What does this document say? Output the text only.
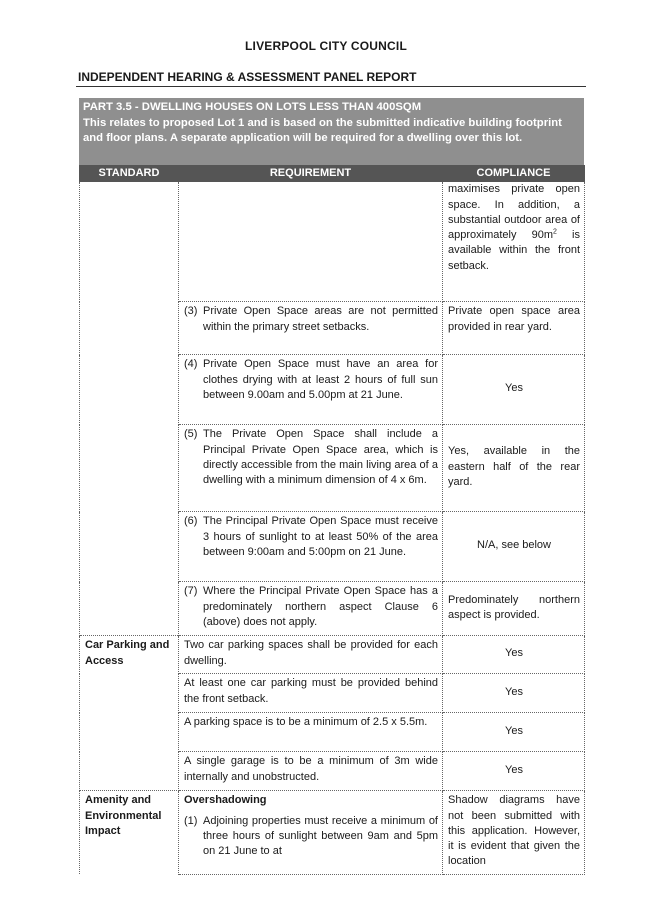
LIVERPOOL CITY COUNCIL
INDEPENDENT HEARING & ASSESSMENT PANEL REPORT
PART 3.5 - DWELLING HOUSES ON LOTS LESS THAN 400SQM
This relates to proposed Lot 1 and is based on the submitted indicative building footprint and floor plans. A separate application will be required for a dwelling over this lot.
STANDARD	REQUIREMENT	COMPLIANCE
		maximises private open space. In addition, a substantial outdoor area of approximately $90m^2$ is available within the front setback.

	(3) Private Open Space areas are not permitted within the primary street setbacks.	Private open space area provided in rear yard.

	(4) Private Open Space must have an area for clothes drying with at least 2 hours of full sun between 9.00am and 5.00pm at 21 June.	Yes

	(5) The Private Open Space shall include a Principal Private Open Space area, which is directly accessible from the main living area of a dwelling with a minimum dimension of 4 x 6m.	Yes, available in the eastern half of the rear yard.

	(6) The Principal Private Open Space must receive 3 hours of sunlight to at least 50% of the area between 9:00am and 5:00pm on 21 June.	N/A, see below

	(7) Where the Principal Private Open Space has a predominately northern aspect Clause 6 (above) does not apply.	Predominately northern aspect is provided.
Car Parking and Access	Two car parking spaces shall be provided for each dwelling.	Yes
	At least one car parking must be provided behind the front setback.	Yes
	A parking space is to be a minimum of 2.5 x 5.5m.	Yes
	A single garage is to be a minimum of 3m wide internally and unobstructed.	Yes
Amenity and Environmental Impact	Overshadowing
(1) Adjoining properties must receive a minimum of three hours of sunlight between 9am and 5pm on 21 June to at	Shadow diagrams have not been submitted with this application. However, it is evident that given the location
